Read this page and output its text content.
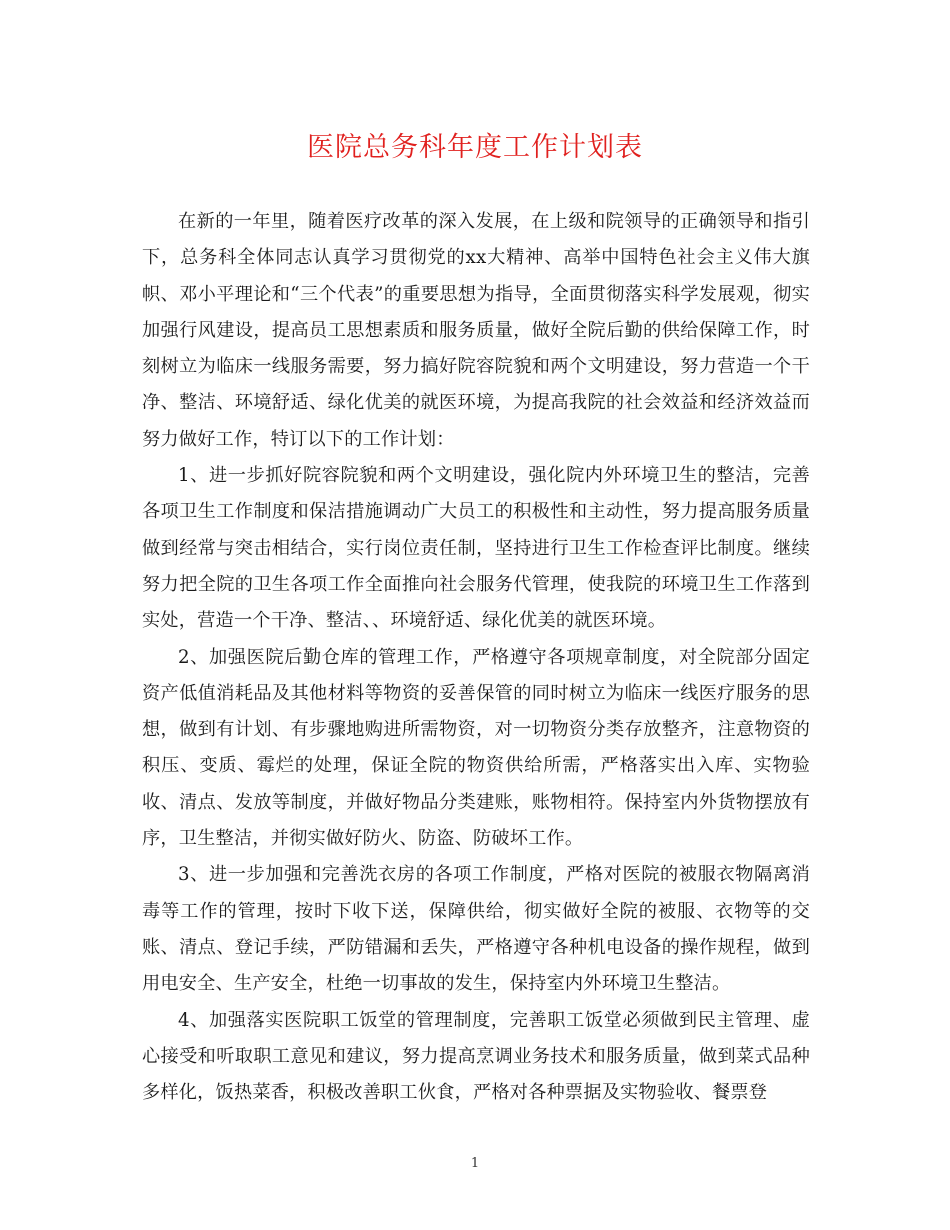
医院总务科年度工作计划表

在新的一年里，随着医疗改革的深入发展，在上级和院领导的正确领导和指引下，总务科全体同志认真学习贯彻党的xx大精神、高举中国特色社会主义伟大旗帜、邓小平理论和“三个代表”的重要思想为指导，全面贯彻落实科学发展观，彻实加强行风建设，提高员工思想素质和服务质量，做好全院后勤的供给保障工作，时刻树立为临床一线服务需要，努力搞好院容院貌和两个文明建设，努力营造一个干净、整洁、环境舒适、绿化优美的就医环境，为提高我院的社会效益和经济效益而努力做好工作，特订以下的工作计划：

1、进一步抓好院容院貌和两个文明建设，强化院内外环境卫生的整洁，完善各项卫生工作制度和保洁措施调动广大员工的积极性和主动性，努力提高服务质量做到经常与突击相结合，实行岗位责任制，坚持进行卫生工作检查评比制度。继续努力把全院的卫生各项工作全面推向社会服务代管理，使我院的环境卫生工作落到实处，营造一个干净、整洁、、环境舒适、绿化优美的就医环境。

2、加强医院后勤仓库的管理工作，严格遵守各项规章制度，对全院部分固定资产低值消耗品及其他材料等物资的妥善保管的同时树立为临床一线医疗服务的思想，做到有计划、有步骤地购进所需物资，对一切物资分类存放整齐，注意物资的积压、变质、霉烂的处理，保证全院的物资供给所需，严格落实出入库、实物验收、清点、发放等制度，并做好物品分类建账，账物相符。保持室内外货物摆放有序，卫生整洁，并彻实做好防火、防盗、防破坏工作。

3、进一步加强和完善洗衣房的各项工作制度，严格对医院的被服衣物隔离消毒等工作的管理，按时下收下送，保障供给，彻实做好全院的被服、衣物等的交账、清点、登记手续，严防错漏和丢失，严格遵守各种机电设备的操作规程，做到用电安全、生产安全，杜绝一切事故的发生，保持室内外环境卫生整洁。

4、加强落实医院职工饭堂的管理制度，完善职工饭堂必须做到民主管理、虚心接受和听取职工意见和建议，努力提高烹调业务技术和服务质量，做到菜式品种多样化，饭热菜香，积极改善职工伙食，严格对各种票据及实物验收、餐票登

1
